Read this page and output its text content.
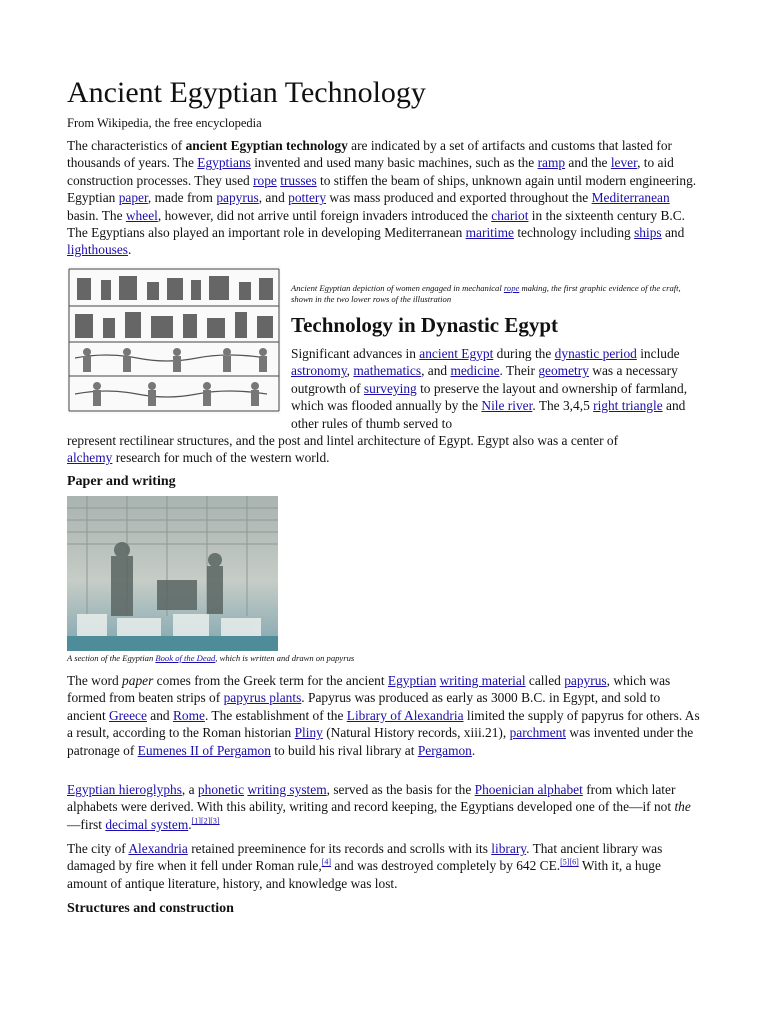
Ancient Egyptian Technology
From Wikipedia, the free encyclopedia

The characteristics of ancient Egyptian technology are indicated by a set of artifacts and customs that lasted for thousands of years. The Egyptians invented and used many basic machines, such as the ramp and the lever, to aid construction processes. They used rope trusses to stiffen the beam of ships, unknown again until modern engineering. Egyptian paper, made from papyrus, and pottery was mass produced and exported throughout the Mediterranean basin. The wheel, however, did not arrive until foreign invaders introduced the chariot in the sixteenth century B.C. The Egyptians also played an important role in developing Mediterranean maritime technology including ships and lighthouses.

Ancient Egyptian depiction of women engaged in mechanical rope making, the first graphic evidence of the craft, shown in the two lower rows of the illustration
Technology in Dynastic Egypt

Significant advances in ancient Egypt during the dynastic period include astronomy, mathematics, and medicine. Their geometry was a necessary outgrowth of surveying to preserve the layout and ownership of farmland, which was flooded annually by the Nile river. The 3,4,5 right triangle and other rules of thumb served to

represent rectilinear structures, and the post and lintel architecture of Egypt. Egypt also was a center of
alchemy research for much of the western world.

Paper and writing
A section of the Egyptian Book of the Dead, which is written and drawn on papyrus

The word paper comes from the Greek term for the ancient Egyptian writing material called papyrus, which was formed from beaten strips of papyrus plants. Papyrus was produced as early as 3000 B.C. in Egypt, and sold to ancient Greece and Rome. The establishment of the Library of Alexandria limited the supply of papyrus for others. As a result, according to the Roman historian Pliny (Natural History records, xiii.21), parchment was invented under the patronage of Eumenes II of Pergamon to build his rival library at Pergamon.

Egyptian hieroglyphs, a phonetic writing system, served as the basis for the Phoenician alphabet from which later alphabets were derived. With this ability, writing and record keeping, the Egyptians developed one of the—if not the—first decimal system.[1][2][3]

The city of Alexandria retained preeminence for its records and scrolls with its library. That ancient library was damaged by fire when it fell under Roman rule,[4] and was destroyed completely by 642 CE.[5][6] With it, a huge amount of antique literature, history, and knowledge was lost.

Structures and construction
